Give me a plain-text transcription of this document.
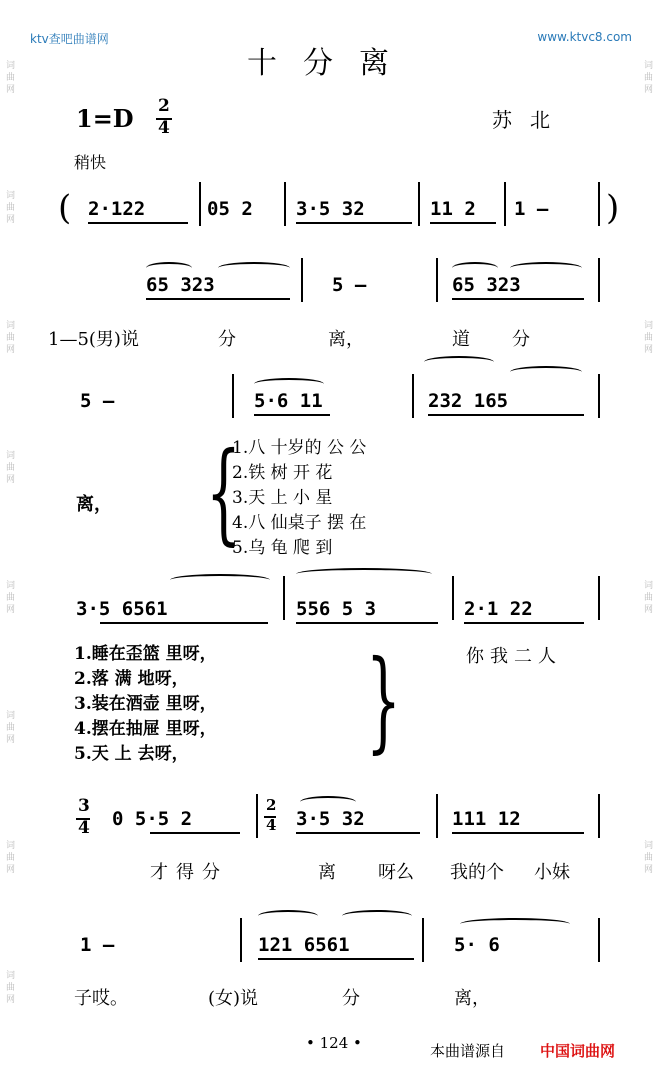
ktv查吧曲谱网	www.ktvc8.com
词曲网
词曲网
词曲网
词曲网
词曲网
词曲网
词曲网
词曲网
词曲网
词曲网
词曲网
词曲网
十分离
1=D 2
4	苏北
稍快
( 2·122	05 2 3·5 32	11 2 1 — )
65 323	5 —	65 323
1—5(男)说	分	离，	道 分
5 —	5·6 11	232 165
离， {
1.八 十岁的 公 公
2.铁 树 开 花
3.天 上 小 星
4.八 仙桌子 摆 在
5.乌 龟 爬 到
3·5 6561	556 5 3	2·1 22
1.睡在歪篮 里呀，
2.落 满 地呀，
3.装在酒壶 里呀，
4.摆在抽屉 里呀，
5.天 上 去呀， }	你我二人
3
4 0 5·5 2
2
4 3·5 32	111 12
才得分	离 呀么 我的个 小妹
1 —	121 6561	5· 6
子哎。	(女)说	分	离，
• 124 •	本曲谱源自 中国词曲网
